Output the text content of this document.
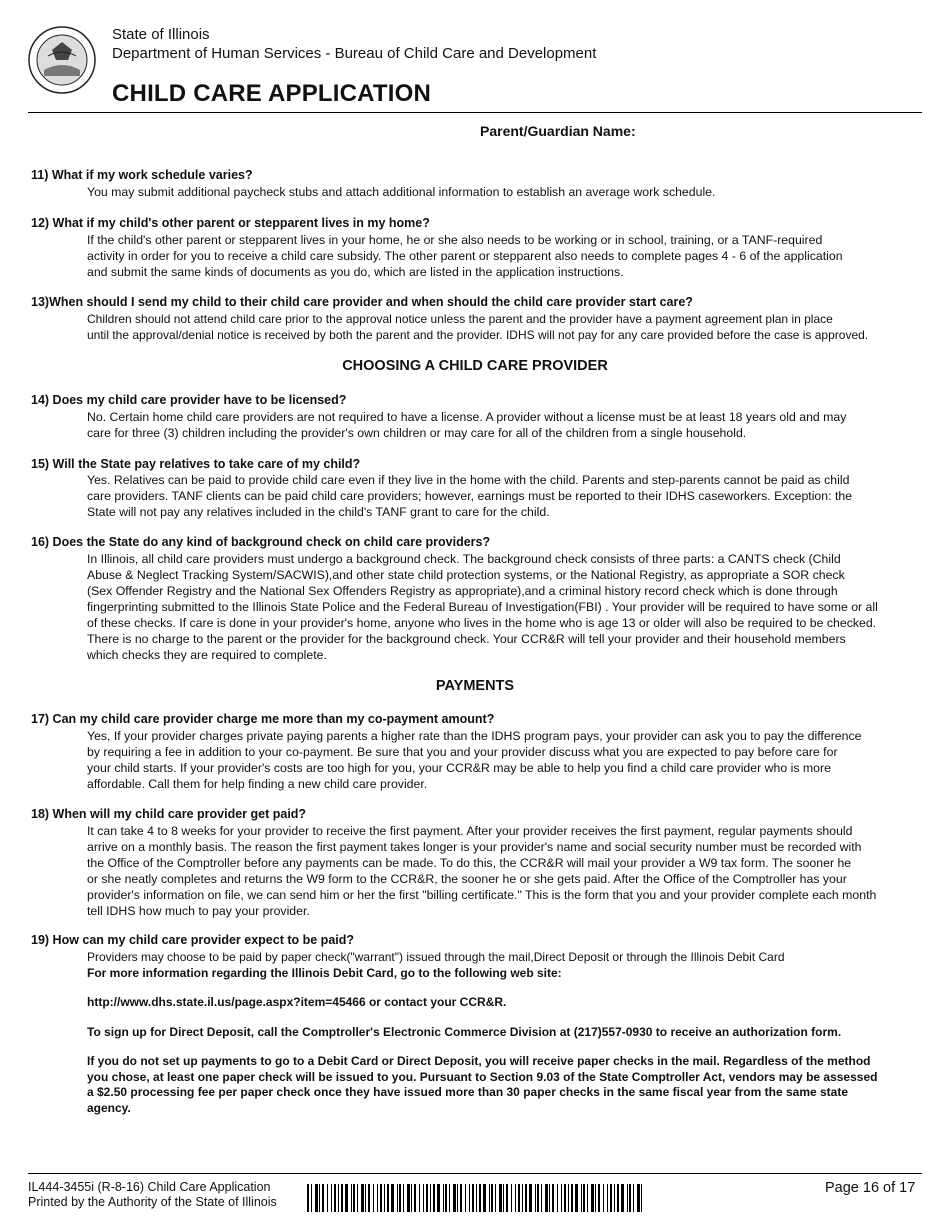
State of Illinois
Department of Human Services - Bureau of Child Care and Development
CHILD CARE APPLICATION
Parent/Guardian Name:
11) What if my work schedule varies?

You may submit additional paycheck stubs and attach additional information to establish an average work schedule.

12) What if my child's other parent or stepparent lives in my home?

If the child's other parent or stepparent lives in your home, he or she also needs to be working or in school, training, or a TANF-required

activity in order for you to receive a child care subsidy. The other parent or stepparent also needs to complete pages 4 - 6 of the application

and submit the same kinds of documents as you do, which are listed in the application instructions.

13)When should I send my child to their child care provider and when should the child care provider start care?

Children should not attend child care prior to the approval notice unless the parent and the provider have a payment agreement plan in place

until the approval/denial notice is received by both the parent and the provider. IDHS will not pay for any care provided before the case is approved.

CHOOSING A CHILD CARE PROVIDER
14) Does my child care provider have to be licensed?

No. Certain home child care providers are not required to have a license. A provider without a license must be at least 18 years old and may

care for three (3) children including the provider's own children or may care for all of the children from a single household.

15) Will the State pay relatives to take care of my child?

Yes. Relatives can be paid to provide child care even if they live in the home with the child. Parents and step-parents cannot be paid as child

care providers. TANF clients can be paid child care providers; however, earnings must be reported to their IDHS caseworkers. Exception: the

State will not pay any relatives included in the child's TANF grant to care for the child.

16) Does the State do any kind of background check on child care providers?

In Illinois, all child care providers must undergo a background check. The background check consists of three parts: a CANTS check (Child

Abuse & Neglect Tracking System/SACWIS),and other state child protection systems, or the National Registry, as appropriate a SOR check

(Sex Offender Registry and the National Sex Offenders Registry as appropriate),and a criminal history record check which is done through

fingerprinting submitted to the Illinois State Police and the Federal Bureau of Investigation(FBI) . Your provider will be required to have some or all

of these checks. If care is done in your provider's home, anyone who lives in the home who is age 13 or older will also be required to be checked.

There is no charge to the parent or the provider for the background check. Your CCR&R will tell your provider and their household members

which checks they are required to complete.

PAYMENTS
17) Can my child care provider charge me more than my co-payment amount?

Yes, If your provider charges private paying parents a higher rate than the IDHS program pays, your provider can ask you to pay the difference

by requiring a fee in addition to your co-payment. Be sure that you and your provider discuss what you are expected to pay before care for

your child starts. If your provider's costs are too high for you, your CCR&R may be able to help you find a child care provider who is more

affordable. Call them for help finding a new child care provider.

18) When will my child care provider get paid?

It can take 4 to 8 weeks for your provider to receive the first payment. After your provider receives the first payment, regular payments should

arrive on a monthly basis. The reason the first payment takes longer is your provider's name and social security number must be recorded with

the Office of the Comptroller before any payments can be made. To do this, the CCR&R will mail your provider a W9 tax form. The sooner he

or she neatly completes and returns the W9 form to the CCR&R, the sooner he or she gets paid. After the Office of the Comptroller has your

provider's information on file, we can send him or her the first "billing certificate." This is the form that you and your provider complete each month

tell IDHS how much to pay your provider.

19) How can my child care provider expect to be paid?

Providers may choose to be paid by paper check("warrant") issued through the mail,Direct Deposit or through the Illinois Debit Card

For more information regarding the Illinois Debit Card, go to the following web site:

http://www.dhs.state.il.us/page.aspx?item=45466 or contact your CCR&R.
To sign up for Direct Deposit, call the Comptroller's Electronic Commerce Division at (217)557-0930 to receive an authorization form.

If you do not set up payments to go to a Debit Card or Direct Deposit, you will receive paper checks in the mail. Regardless of the method

you chose, at least one paper check will be issued to you. Pursuant to Section 9.03 of the State Comptroller Act, vendors may be assessed

a $2.50 processing fee per paper check once they have issued more than 30 paper checks in the same fiscal year from the same state

agency.

IL444-3455i (R-8-16) Child Care Application
Printed by the Authority of the State of Illinois
Page 16 of 17
